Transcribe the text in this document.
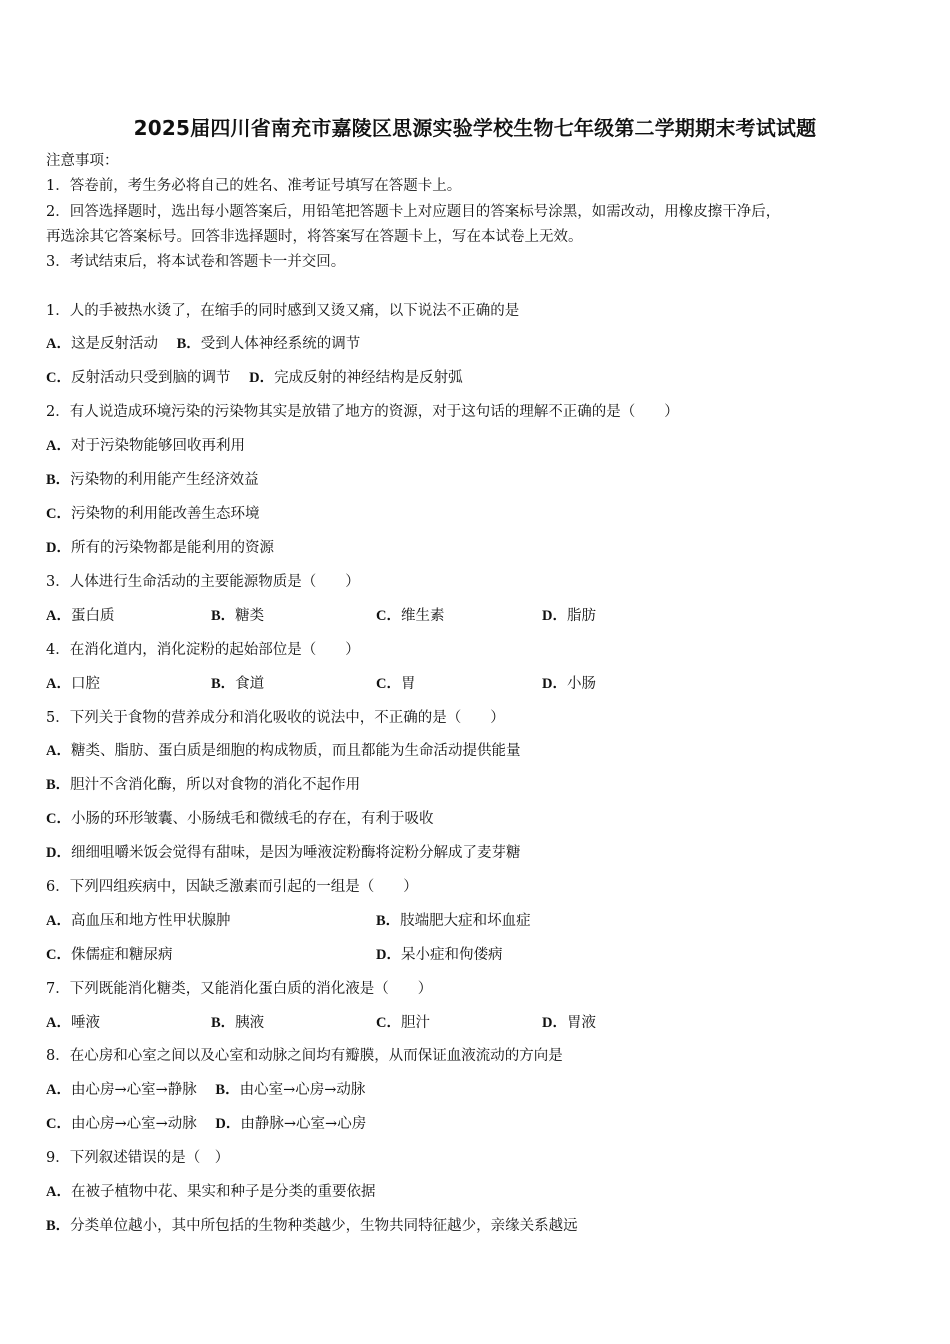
2025届四川省南充市嘉陵区思源实验学校生物七年级第二学期期末考试试题
注意事项：
1．答卷前，考生务必将自己的姓名、准考证号填写在答题卡上。
2．回答选择题时，选出每小题答案后，用铅笔把答题卡上对应题目的答案标号涂黑，如需改动，用橡皮擦干净后，
再选涂其它答案标号。回答非选择题时，将答案写在答题卡上，写在本试卷上无效。
3．考试结束后，将本试卷和答题卡一并交回。
1．人的手被热水烫了，在缩手的同时感到又烫又痛，以下说法不正确的是
A．这是反射活动 B．受到人体神经系统的调节
C．反射活动只受到脑的调节 D．完成反射的神经结构是反射弧
2．有人说造成环境污染的污染物其实是放错了地方的资源，对于这句话的理解不正确的是（　　）
A．对于污染物能够回收再利用
B．污染物的利用能产生经济效益
C．污染物的利用能改善生态环境
D．所有的污染物都是能利用的资源
3．人体进行生命活动的主要能源物质是（　　）
A．蛋白质	B．糖类	C．维生素	D．脂肪
4．在消化道内，消化淀粉的起始部位是（　　）
A．口腔	B．食道	C．胃	D．小肠
5．下列关于食物的营养成分和消化吸收的说法中，不正确的是（　　）
A．糖类、脂肪、蛋白质是细胞的构成物质，而且都能为生命活动提供能量
B．胆汁不含消化酶，所以对食物的消化不起作用
C．小肠的环形皱囊、小肠绒毛和微绒毛的存在，有利于吸收
D．细细咀嚼米饭会觉得有甜味，是因为唾液淀粉酶将淀粉分解成了麦芽糖
6．下列四组疾病中，因缺乏激素而引起的一组是（　　）
A．高血压和地方性甲状腺肿	B．肢端肥大症和坏血症
C．侏儒症和糖尿病	D．呆小症和佝偻病
7．下列既能消化糖类，又能消化蛋白质的消化液是（　　）
A．唾液	B．胰液	C．胆汁	D．胃液
8．在心房和心室之间以及心室和动脉之间均有瓣膜，从而保证血液流动的方向是
A．由心房→心室→静脉 B．由心室→心房→动脉
C．由心房→心室→动脉 D．由静脉→心室→心房
9．下列叙述错误的是（　）
A．在被子植物中花、果实和种子是分类的重要依据
B．分类单位越小，其中所包括的生物种类越少，生物共同特征越少，亲缘关系越远
